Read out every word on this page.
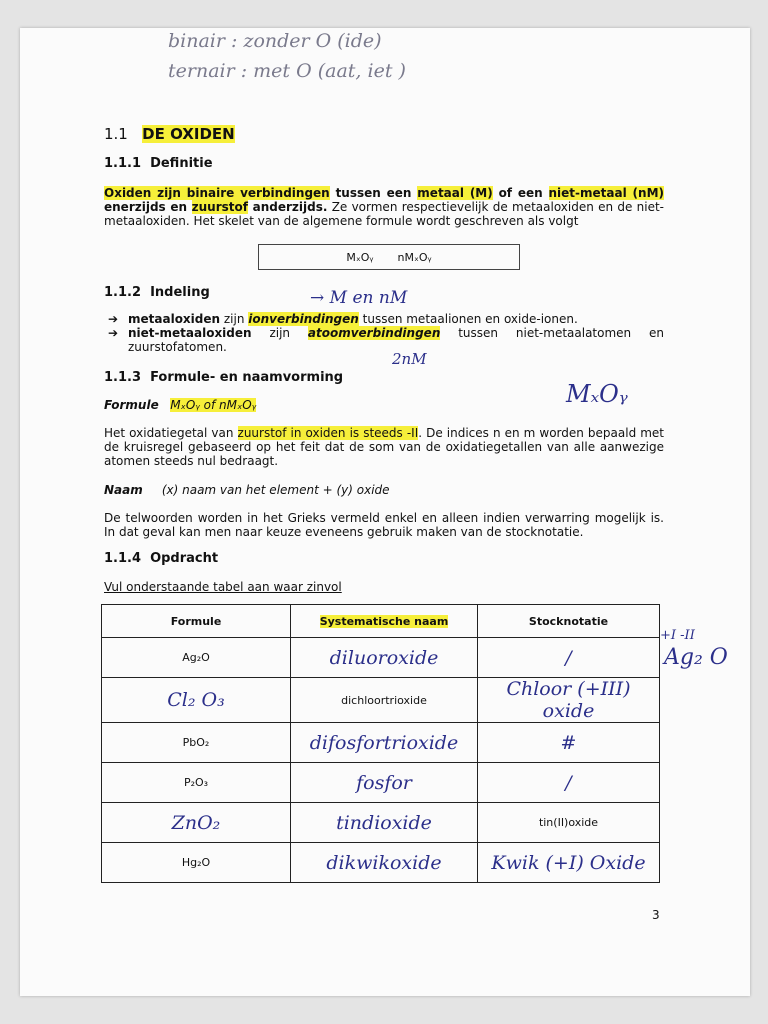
binair : zonder O (ide)
ternair : met O (aat, iet )
1.1 DE OXIDEN
1.1.1 Definitie
Oxiden zijn binaire verbindingen tussen een metaal (M) of een niet-metaal (nM) enerzijds en zuurstof anderzijds. Ze vormen respectievelijk de metaaloxiden en de niet-metaaloxiden. Het skelet van de algemene formule wordt geschreven als volgt
MₓOᵧ nMₓOᵧ
1.1.2 Indeling	→ M en nM
➔ metaaloxiden zijn ionverbindingen tussen metaalionen en oxide-ionen.
➔ niet-metaaloxiden zijn atoomverbindingen tussen niet-metaalatomen en zuurstofatomen.
2nM
1.1.3 Formule- en naamvorming
MₓOᵧ
Formule MₓOᵧ of nMₓOᵧ
Het oxidatiegetal van zuurstof in oxiden is steeds -II. De indices n en m worden bepaald met de kruisregel gebaseerd op het feit dat de som van de oxidatiegetallen van alle aanwezige atomen steeds nul bedraagt.
Naam (x) naam van het element + (y) oxide
De telwoorden worden in het Grieks vermeld enkel en alleen indien verwarring mogelijk is. In dat geval kan men naar keuze eveneens gebruik maken van de stocknotatie.
1.1.4 Opdracht
Vul onderstaande tabel aan waar zinvol
+I -II
Ag₂ O
Formule	Systematische naam	Stocknotatie
Ag₂O	diluoroxide	/
Cl₂ O₃	dichloortrioxide	Chloor (+III) oxide
PbO₂	difosfortrioxide	#
P₂O₃	fosfor	/
ZnO₂	tindioxide	tin(II)oxide
Hg₂O	dikwikoxide	Kwik (+I) Oxide
3
